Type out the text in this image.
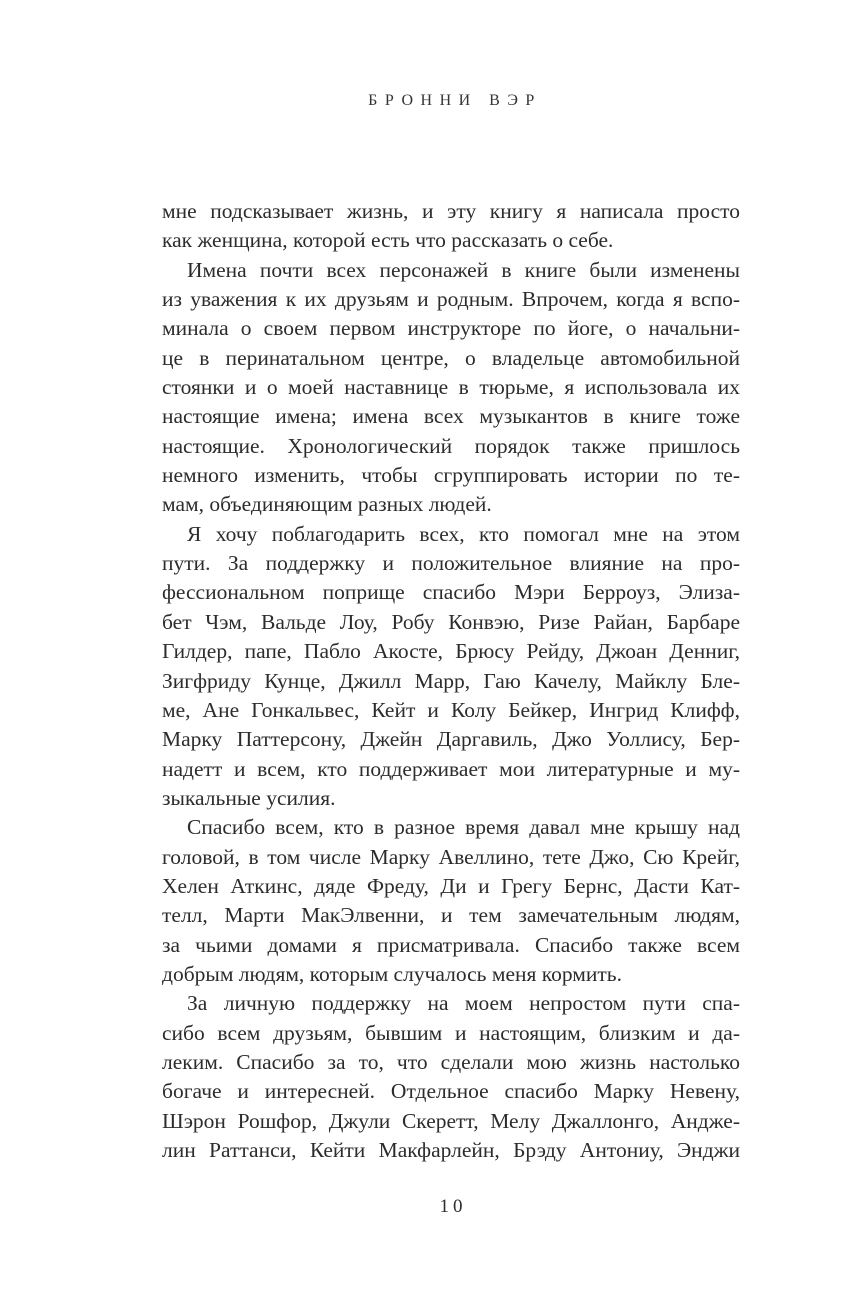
БРОННИ ВЭР
мне подсказывает жизнь, и эту книгу я написала просто
как женщина, которой есть что рассказать о себе.
Имена почти всех персонажей в книге были изменены
из уважения к их друзьям и родным. Впрочем, когда я вспо-
минала о своем первом инструкторе по йоге, о начальни-
це в перинатальном центре, о владельце автомобильной
стоянки и о моей наставнице в тюрьме, я использовала их
настоящие имена; имена всех музыкантов в книге тоже
настоящие. Хронологический порядок также пришлось
немного изменить, чтобы сгруппировать истории по те-
мам, объединяющим разных людей.
Я хочу поблагодарить всех, кто помогал мне на этом
пути. За поддержку и положительное влияние на про-
фессиональном поприще спасибо Мэри Берроуз, Элиза-
бет Чэм, Вальде Лоу, Робу Конвэю, Ризе Райан, Барбаре
Гилдер, папе, Пабло Акосте, Брюсу Рейду, Джоан Денниг,
Зигфриду Кунце, Джилл Марр, Гаю Качелу, Майклу Бле-
ме, Ане Гонкальвес, Кейт и Колу Бейкер, Ингрид Клифф,
Марку Паттерсону, Джейн Даргавиль, Джо Уоллису, Бер-
надетт и всем, кто поддерживает мои литературные и му-
зыкальные усилия.
Спасибо всем, кто в разное время давал мне крышу над
головой, в том числе Марку Авеллино, тете Джо, Сю Крейг,
Хелен Аткинс, дяде Фреду, Ди и Грегу Бернс, Дасти Кат-
телл, Марти МакЭлвенни, и тем замечательным людям,
за чьими домами я присматривала. Спасибо также всем
добрым людям, которым случалось меня кормить.
За личную поддержку на моем непростом пути спа-
сибо всем друзьям, бывшим и настоящим, близким и да-
леким. Спасибо за то, что сделали мою жизнь настолько
богаче и интересней. Отдельное спасибо Марку Невену,
Шэрон Рошфор, Джули Скеретт, Мелу Джаллонго, Андже-
лин Раттанси, Кейти Макфарлейн, Брэду Антониу, Энджи
10
